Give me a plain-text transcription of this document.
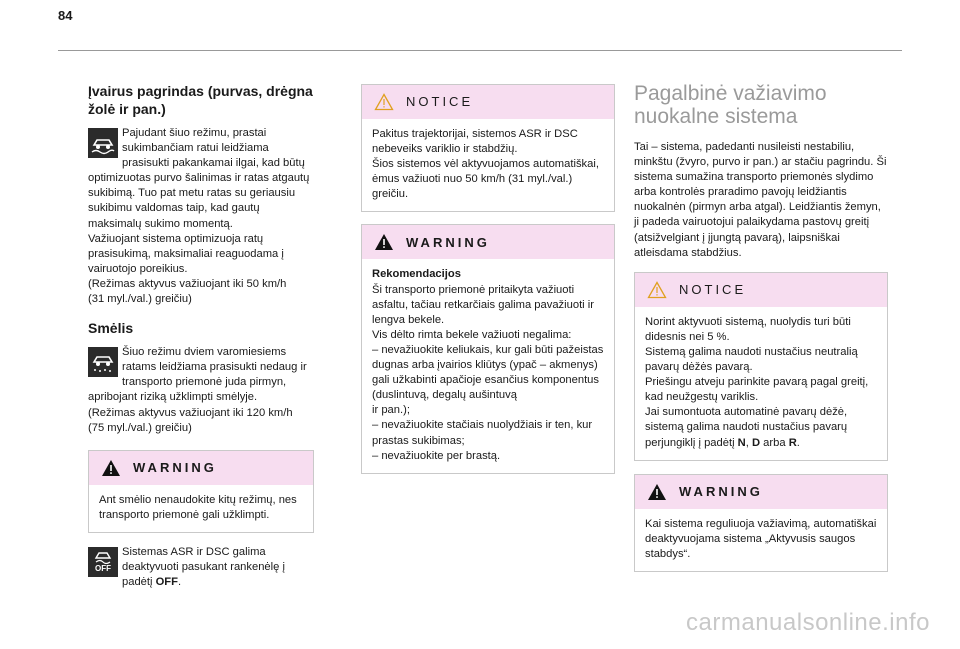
84
Įvairus pagrindas (purvas, drėgna žolė ir pan.)

Pajudant šiuo režimu, prastai sukimbančiam ratui leidžiama prasisukti pakankamai ilgai, kad būtų optimizuotas purvo šalinimas ir ratas atgautų sukibimą. Tuo pat metu ratas su geriausiu sukibimu valdomas taip, kad gautų maksimalų sukimo momentą.
Važiuojant sistema optimizuoja ratų prasisukimą, maksimaliai reaguodama į vairuotojo poreikius.
(Režimas aktyvus važiuojant iki 50 km/h
(31 myl./val.) greičiu)

Smėlis

Šiuo režimu dviem varomiesiems ratams leidžiama prasisukti nedaug ir transporto priemonė juda pirmyn, apribojant riziką užklimpti smėlyje.
(Režimas aktyvus važiuojant iki 120 km/h
(75 myl./val.) greičiu)

WARNING
Ant smėlio nenaudokite kitų režimų, nes transporto priemonė gali užklimpti.
OFF

Sistemas ASR ir DSC galima deaktyvuoti pasukant rankenėlę į padėtį OFF.

NOTICE
Pakitus trajektorijai, sistemos ASR ir DSC nebeveiks variklio ir stabdžių.
Šios sistemos vėl aktyvuojamos automatiškai, ėmus važiuoti nuo 50 km/h (31 myl./val.) greičiu.
WARNING
Rekomendacijos
Ši transporto priemonė pritaikyta važiuoti asfaltu, tačiau retkarčiais galima pavažiuoti ir lengva bekele.
Vis dėlto rimta bekele važiuoti negalima:
– nevažiuokite keliukais, kur gali būti pažeistas dugnas arba įvairios kliūtys (ypač – akmenys) gali užkabinti apačioje esančius komponentus (duslintuvą, degalų aušintuvą
ir pan.);
– nevažiuokite stačiais nuolydžiais ir ten, kur prastas sukibimas;
– nevažiuokite per brastą.
Pagalbinė važiavimo nuokalne sistema

Tai – sistema, padedanti nusileisti nestabiliu, minkštu (žvyro, purvo ir pan.) ar stačiu pagrindu. Ši sistema sumažina transporto priemonės slydimo arba kontrolės praradimo pavojų leidžiantis nuokalnėn (pirmyn arba atgal). Leidžiantis žemyn, ji padeda vairuotojui palaikydama pastovų greitį (atsižvelgiant į įjungtą pavarą), laipsniškai atleisdama stabdžius.

NOTICE
Norint aktyvuoti sistemą, nuolydis turi būti didesnis nei 5 %.
Sistemą galima naudoti nustačius neutralią pavarų dėžės pavarą.
Priešingu atveju parinkite pavarą pagal greitį, kad neužgestų variklis.
Jai sumontuota automatinė pavarų dėžė, sistemą galima naudoti nustačius pavarų perjungiklį į padėtį N, D arba R.
WARNING
Kai sistema reguliuoja važiavimą, automatiškai deaktyvuojama sistema „Aktyvusis saugos stabdys“.
carmanualsonline.info
